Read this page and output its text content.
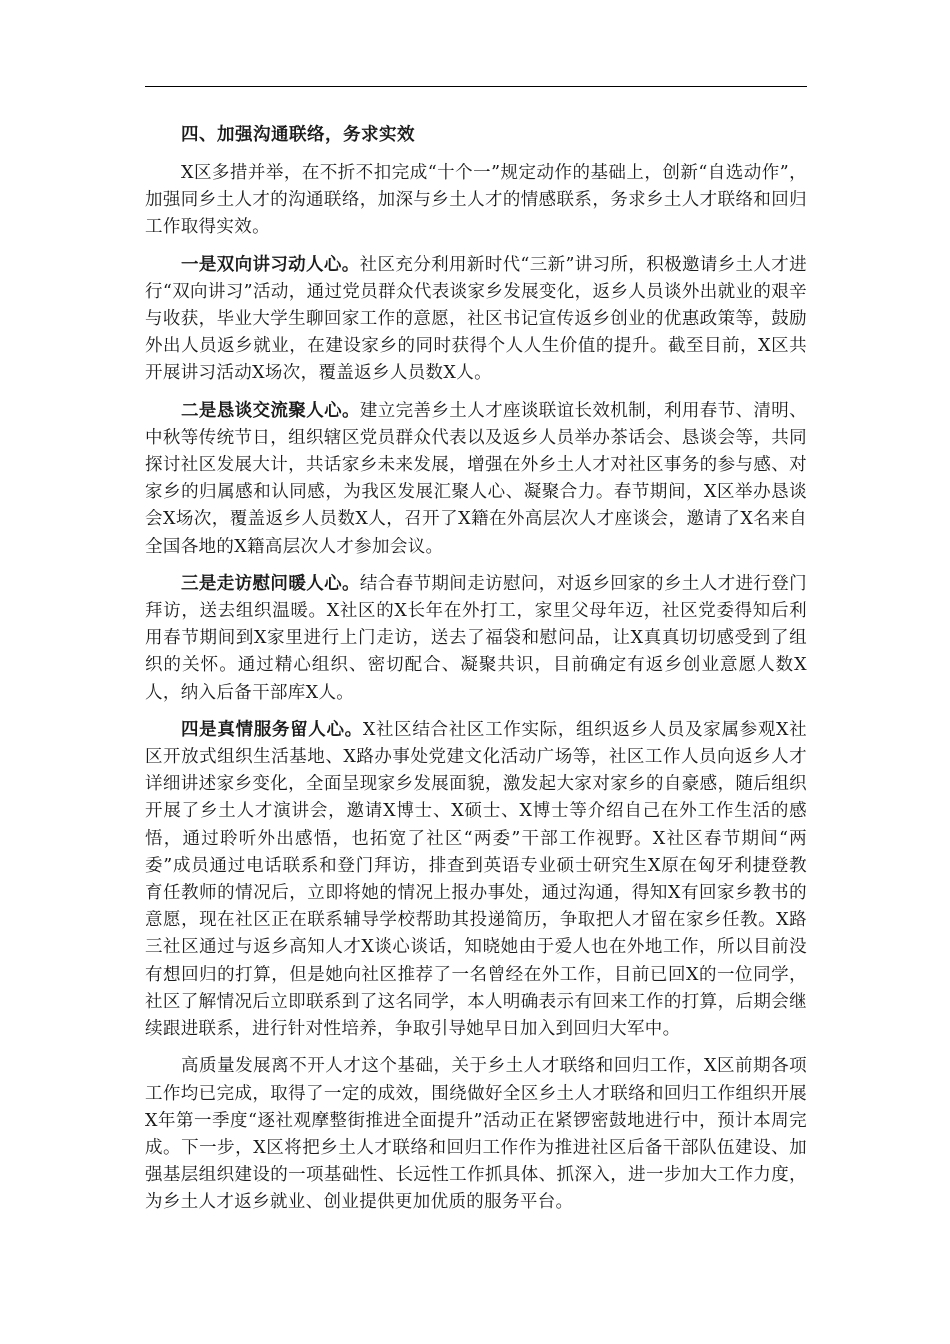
四、加强沟通联络，务求实效

X区多措并举，在不折不扣完成“十个一”规定动作的基础上，创新“自选动作”，加强同乡土人才的沟通联络，加深与乡土人才的情感联系，务求乡土人才联络和回归工作取得实效。

一是双向讲习动人心。社区充分利用新时代“三新”讲习所，积极邀请乡土人才进行“双向讲习”活动，通过党员群众代表谈家乡发展变化，返乡人员谈外出就业的艰辛与收获，毕业大学生聊回家工作的意愿，社区书记宣传返乡创业的优惠政策等，鼓励外出人员返乡就业，在建设家乡的同时获得个人人生价值的提升。截至目前，X区共开展讲习活动X场次，覆盖返乡人员数X人。

二是恳谈交流聚人心。建立完善乡土人才座谈联谊长效机制，利用春节、清明、中秋等传统节日，组织辖区党员群众代表以及返乡人员举办茶话会、恳谈会等，共同探讨社区发展大计，共话家乡未来发展，增强在外乡土人才对社区事务的参与感、对家乡的归属感和认同感，为我区发展汇聚人心、凝聚合力。春节期间，X区举办恳谈会X场次，覆盖返乡人员数X人，召开了X籍在外高层次人才座谈会，邀请了X名来自全国各地的X籍高层次人才参加会议。

三是走访慰问暖人心。结合春节期间走访慰问，对返乡回家的乡土人才进行登门拜访，送去组织温暖。X社区的X长年在外打工，家里父母年迈，社区党委得知后利用春节期间到X家里进行上门走访，送去了福袋和慰问品，让X真真切切感受到了组织的关怀。通过精心组织、密切配合、凝聚共识，目前确定有返乡创业意愿人数X人，纳入后备干部库X人。

四是真情服务留人心。X社区结合社区工作实际，组织返乡人员及家属参观X社区开放式组织生活基地、X路办事处党建文化活动广场等，社区工作人员向返乡人才详细讲述家乡变化，全面呈现家乡发展面貌，激发起大家对家乡的自豪感，随后组织开展了乡土人才演讲会，邀请X博士、X硕士、X博士等介绍自己在外工作生活的感悟，通过聆听外出感悟，也拓宽了社区“两委”干部工作视野。X社区春节期间“两委”成员通过电话联系和登门拜访，排查到英语专业硕士研究生X原在匈牙利捷登教育任教师的情况后，立即将她的情况上报办事处，通过沟通，得知X有回家乡教书的意愿，现在社区正在联系辅导学校帮助其投递简历，争取把人才留在家乡任教。X路三社区通过与返乡高知人才X谈心谈话，知晓她由于爱人也在外地工作，所以目前没有想回归的打算，但是她向社区推荐了一名曾经在外工作，目前已回X的一位同学，社区了解情况后立即联系到了这名同学，本人明确表示有回来工作的打算，后期会继续跟进联系，进行针对性培养，争取引导她早日加入到回归大军中。

高质量发展离不开人才这个基础，关于乡土人才联络和回归工作，X区前期各项工作均已完成，取得了一定的成效，围绕做好全区乡土人才联络和回归工作组织开展X年第一季度“逐社观摩整街推进全面提升”活动正在紧锣密鼓地进行中，预计本周完成。下一步，X区将把乡土人才联络和回归工作作为推进社区后备干部队伍建设、加强基层组织建设的一项基础性、长远性工作抓具体、抓深入，进一步加大工作力度，为乡土人才返乡就业、创业提供更加优质的服务平台。
